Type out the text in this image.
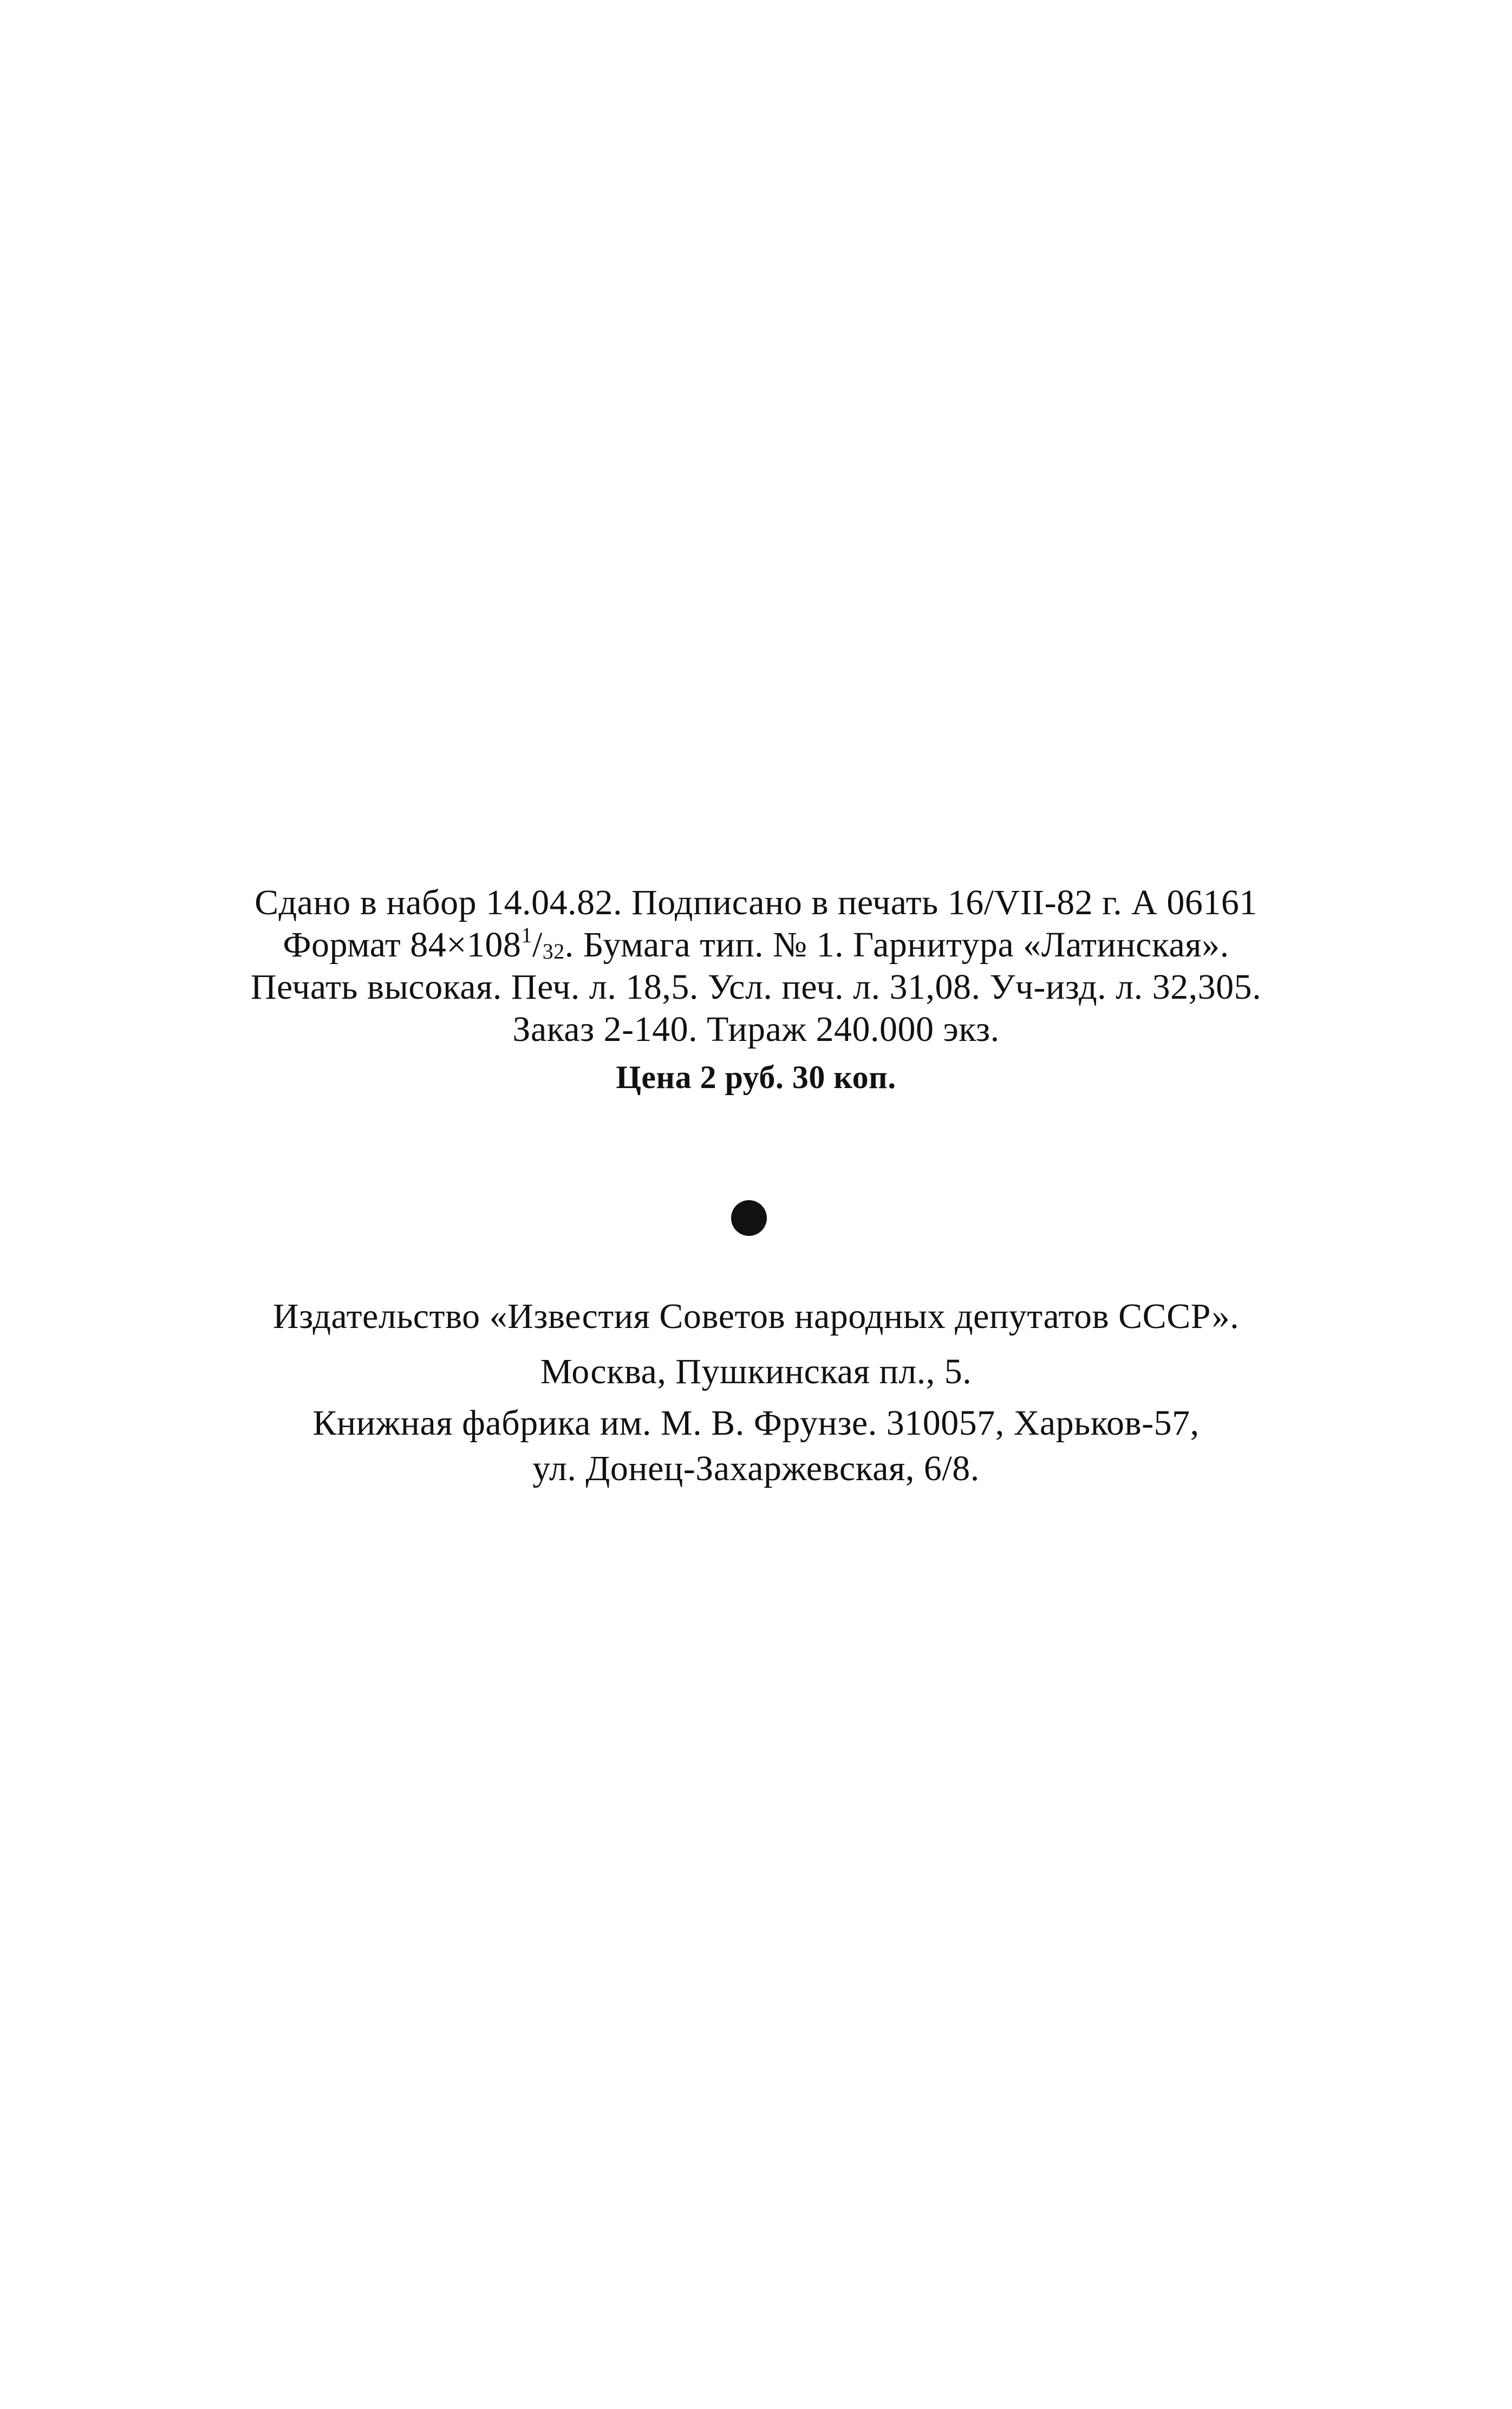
Сдано в набор 14.04.82. Подписано в печать 16/VII-82 г. А 06161
Формат $84\times 108^1/_{32}$. Бумага тип. № 1. Гарнитура «Латинская».
Печать высокая. Печ. л. 18,5. Усл. печ. л. 31,08. Уч-изд. л. 32,305.
Заказ 2-140. Тираж 240.000 экз.
Цена 2 руб. 30 коп.
Издательство «Известия Советов народных депутатов СССР».
Москва, Пушкинская пл., 5.
Книжная фабрика им. М. В. Фрунзе. 310057, Харьков-57,
ул. Донец-Захаржевская, 6/8.
